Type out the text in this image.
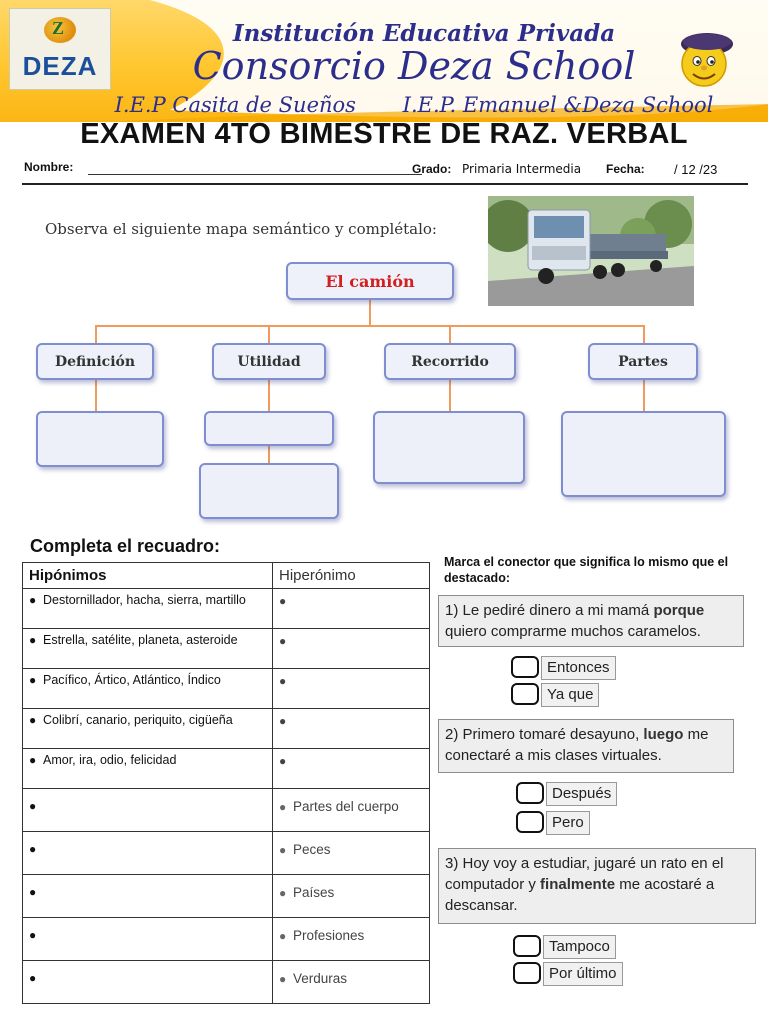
Z
DEZA
Institución Educativa Privada
Consorcio Deza School
I.E.P Casita de Sueños       I.E.P. Emanuel &Deza School
EXAMEN 4TO BIMESTRE DE RAZ. VERBAL
Nombre:	Grado: Primaria Intermedia Fecha: / 12 /23
Observa el siguiente mapa semántico y complétalo:
El camión
Definición	Utilidad	Recorrido	Partes
Completa el recuadro:
Hipónimos	Hiperónimo
● Destornillador, hacha, sierra, martillo	●
● Estrella, satélite, planeta, asteroide	●
● Pacífico, Ártico, Atlántico, Índico	●
● Colibrí, canario, periquito, cigüeña	●
● Amor, ira, odio, felicidad	●
●	● Partes del cuerpo
●	● Peces
●	● Países
●	● Profesiones
●	● Verduras
Marca el conector que significa lo mismo que el destacado:
1) Le pediré dinero a mi mamá porque quiero comprarme muchos caramelos.
Entonces
Ya que
2) Primero tomaré desayuno, luego me conectaré a mis clases virtuales.
Después
Pero
3) Hoy voy a estudiar, jugaré un rato en el computador y finalmente me acostaré a descansar.
Tampoco
Por último
